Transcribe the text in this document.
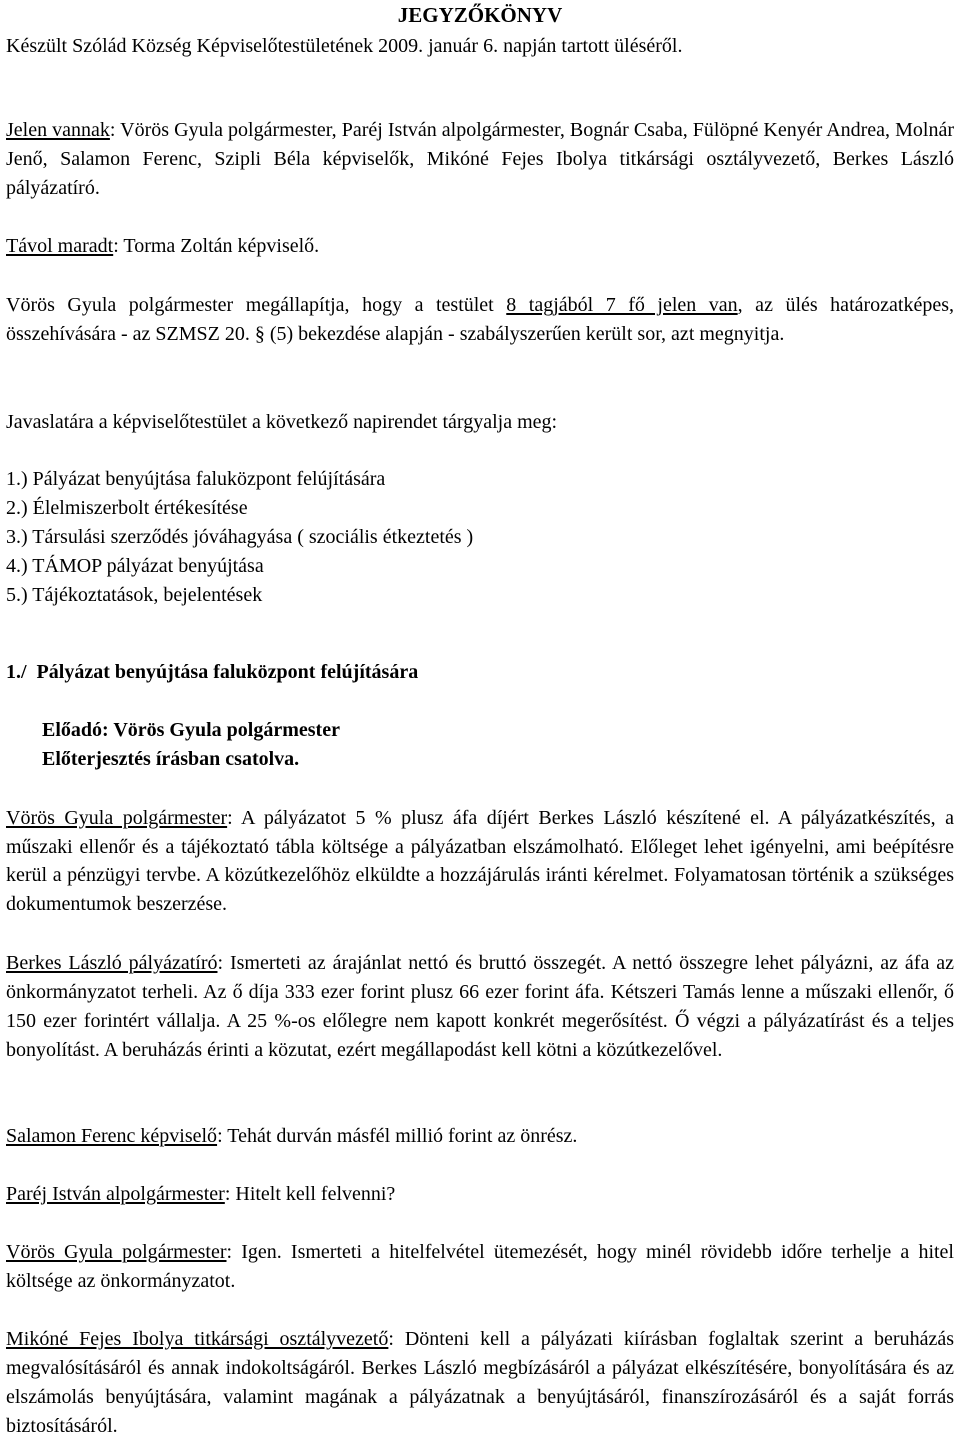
JEGYZŐKÖNYV
Készült Szólád Község Képviselőtestületének 2009. január 6. napján tartott üléséről.
Jelen vannak: Vörös Gyula polgármester, Paréj István alpolgármester, Bognár Csaba, Fülöpné Kenyér Andrea, Molnár Jenő, Salamon Ferenc, Szipli Béla képviselők, Mikóné Fejes Ibolya titkársági osztályvezető, Berkes László pályázatíró.
Távol maradt: Torma Zoltán képviselő.
Vörös Gyula polgármester megállapítja, hogy a testület 8 tagjából 7 fő jelen van, az ülés határozatképes, összehívására - az SZMSZ 20. § (5) bekezdése alapján - szabályszerűen került sor, azt megnyitja.
Javaslatára a képviselőtestület a következő napirendet tárgyalja meg:
1.) Pályázat benyújtása faluközpont felújítására
2.) Élelmiszerbolt értékesítése
3.) Társulási szerződés jóváhagyása ( szociális étkeztetés )
4.) TÁMOP pályázat benyújtása
5.) Tájékoztatások, bejelentések
1./  Pályázat benyújtása faluközpont felújítására
Előadó: Vörös Gyula polgármester
Előterjesztés írásban csatolva.
Vörös Gyula polgármester: A pályázatot 5 % plusz áfa díjért Berkes László készítené el. A pályázatkészítés, a műszaki ellenőr és a tájékoztató tábla költsége a pályázatban elszámolható. Előleget lehet igényelni, ami beépítésre kerül a pénzügyi tervbe. A közútkezelőhöz elküldte a hozzájárulás iránti kérelmet. Folyamatosan történik a szükséges dokumentumok beszerzése.
Berkes László pályázatíró: Ismerteti az árajánlat nettó és bruttó összegét. A nettó összegre lehet pályázni, az áfa az önkormányzatot terheli. Az ő díja 333 ezer forint plusz 66 ezer forint áfa. Kétszeri Tamás lenne a műszaki ellenőr, ő 150 ezer forintért vállalja. A 25 %-os előlegre nem kapott konkrét megerősítést. Ő végzi a pályázatírást és a teljes bonyolítást. A beruházás érinti a közutat, ezért megállapodást kell kötni a közútkezelővel.
Salamon Ferenc képviselő: Tehát durván másfél millió forint az önrész.
Paréj István alpolgármester: Hitelt kell felvenni?
Vörös Gyula polgármester: Igen. Ismerteti a hitelfelvétel ütemezését, hogy minél rövidebb időre terhelje a hitel költsége az önkormányzatot.
Mikóné Fejes Ibolya titkársági osztályvezető: Dönteni kell a pályázati kiírásban foglaltak szerint a beruházás megvalósításáról és annak indokoltságáról. Berkes László megbízásáról a pályázat elkészítésére, bonyolítására és az elszámolás benyújtására, valamint magának a pályázatnak a benyújtásáról, finanszírozásáról és a saját forrás biztosításáról.
